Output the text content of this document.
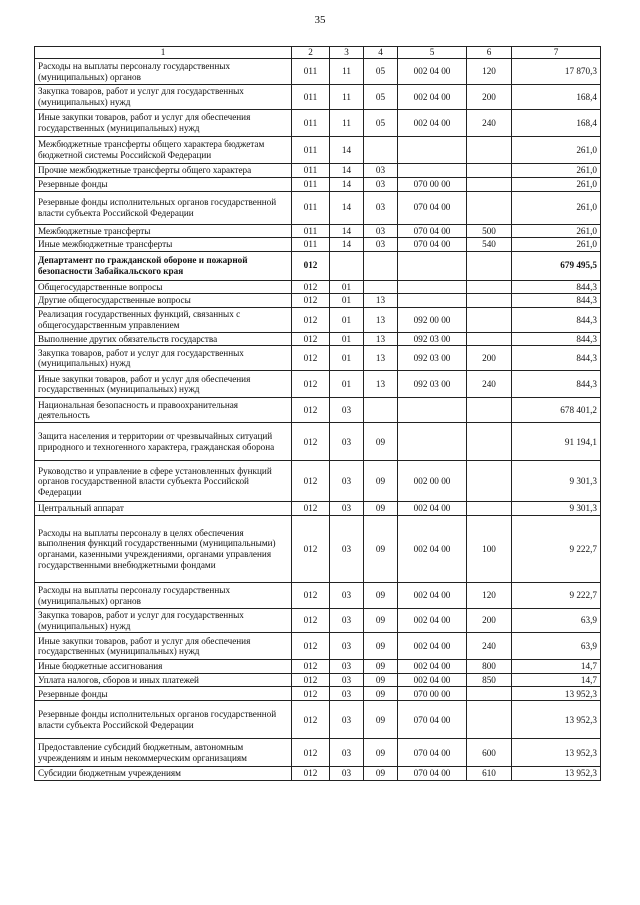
35
1	2	3	4	5	6	7
Расходы на выплаты персоналу государственных (муниципальных) органов	011	11	05	002 04 00	120	17 870,3
Закупка товаров, работ и услуг для государственных (муниципальных) нужд	011	11	05	002 04 00	200	168,4
Иные закупки товаров, работ и услуг для обеспечения государственных (муниципальных) нужд	011	11	05	002 04 00	240	168,4
Межбюджетные трансферты общего характера бюджетам бюджетной системы Российской Федерации	011	14				261,0
Прочие межбюджетные трансферты общего характера	011	14	03			261,0
Резервные фонды	011	14	03	070 00 00		261,0
Резервные фонды исполнительных органов государственной власти субъекта Российской Федерации	011	14	03	070 04 00		261,0
Межбюджетные трансферты	011	14	03	070 04 00	500	261,0
Иные межбюджетные трансферты	011	14	03	070 04 00	540	261,0
Департамент по гражданской обороне и пожарной безопасности Забайкальского края	012					679 495,5
Общегосударственные вопросы	012	01				844,3
Другие общегосударственные вопросы	012	01	13			844,3
Реализация государственных функций, связанных с общегосударственным управлением	012	01	13	092 00 00		844,3
Выполнение других обязательств государства	012	01	13	092 03 00		844,3
Закупка товаров, работ и услуг для государственных (муниципальных) нужд	012	01	13	092 03 00	200	844,3
Иные закупки товаров, работ и услуг для обеспечения государственных (муниципальных) нужд	012	01	13	092 03 00	240	844,3
Национальная безопасность и правоохранительная деятельность	012	03				678 401,2
Защита населения и территории от чрезвычайных ситуаций природного и техногенного характера, гражданская оборона	012	03	09			91 194,1
Руководство и управление в сфере установленных функций органов государственной власти субъекта Российской Федерации	012	03	09	002 00 00		9 301,3
Центральный аппарат	012	03	09	002 04 00		9 301,3
Расходы на выплаты персоналу в целях обеспечения выполнения функций государственными (муниципальными) органами, казенными учреждениями, органами управления государственными внебюджетными фондами	012	03	09	002 04 00	100	9 222,7
Расходы на выплаты персоналу государственных (муниципальных) органов	012	03	09	002 04 00	120	9 222,7
Закупка товаров, работ и услуг для государственных (муниципальных) нужд	012	03	09	002 04 00	200	63,9
Иные закупки товаров, работ и услуг для обеспечения государственных (муниципальных) нужд	012	03	09	002 04 00	240	63,9
Иные бюджетные ассигнования	012	03	09	002 04 00	800	14,7
Уплата налогов, сборов и иных платежей	012	03	09	002 04 00	850	14,7
Резервные фонды	012	03	09	070 00 00		13 952,3
Резервные фонды исполнительных органов государственной власти субъекта Российской Федерации	012	03	09	070 04 00		13 952,3
Предоставление субсидий бюджетным, автономным учреждениям и иным некоммерческим организациям	012	03	09	070 04 00	600	13 952,3
Субсидии бюджетным учреждениям	012	03	09	070 04 00	610	13 952,3
